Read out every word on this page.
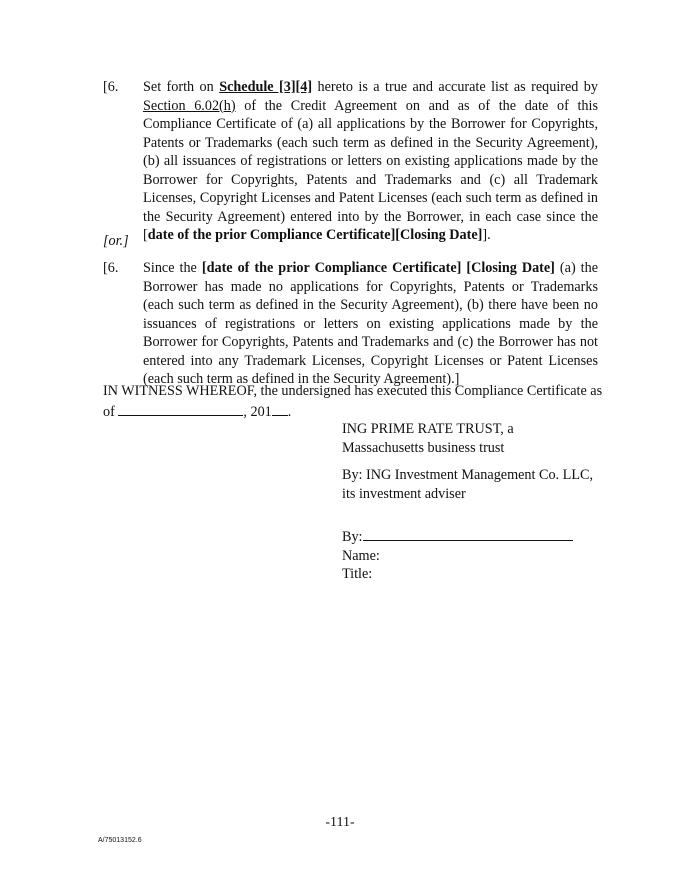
[6. Set forth on Schedule [3][4] hereto is a true and accurate list as required by Section 6.02(h) of the Credit Agreement on and as of the date of this Compliance Certificate of (a) all applications by the Borrower for Copyrights, Patents or Trademarks (each such term as defined in the Security Agreement), (b) all issuances of registrations or letters on existing applications made by the Borrower for Copyrights, Patents and Trademarks and (c) all Trademark Licenses, Copyright Licenses and Patent Licenses (each such term as defined in the Security Agreement) entered into by the Borrower, in each case since the [date of the prior Compliance Certificate][Closing Date]].
[or.]
[6. Since the [date of the prior Compliance Certificate] [Closing Date] (a) the Borrower has made no applications for Copyrights, Patents or Trademarks (each such term as defined in the Security Agreement), (b) there have been no issuances of registrations or letters on existing applications made by the Borrower for Copyrights, Patents and Trademarks and (c) the Borrower has not entered into any Trademark Licenses, Copyright Licenses or Patent Licenses (each such term as defined in the Security Agreement).]
IN WITNESS WHEREOF, the undersigned has executed this Compliance Certificate as
of	, 201 .
ING PRIME RATE TRUST, a
Massachusetts business trust
By: ING Investment Management Co. LLC,
its investment adviser
By:
Name:
Title:
-111-
A/75013152.6
